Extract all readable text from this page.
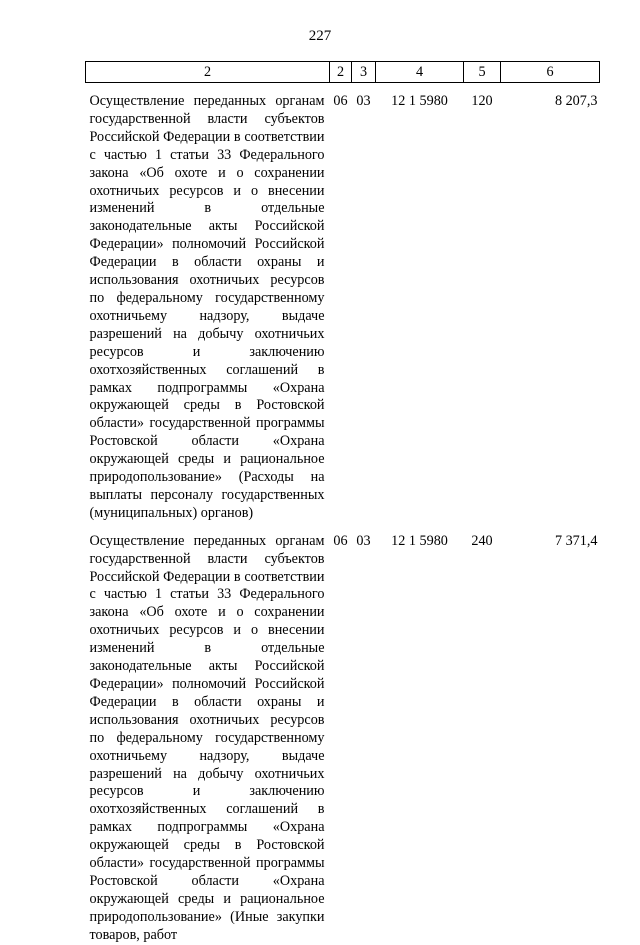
227
2	2	3	4	5	6

Осуществление переданных органам государственной власти субъектов Российской Федерации в соответствии с частью 1 статьи 33 Федерального закона «Об охоте и о сохранении охотничьих ресурсов и о внесении изменений в отдельные законодательные акты Российской Федерации» полномочий Российской Федерации в области охраны и использования охотничьих ресурсов по федеральному государственному охотничьему надзору, выдаче разрешений на добычу охотничьих ресурсов и заключению охотхозяйственных соглашений в рамках подпрограммы «Охрана окружающей среды в Ростовской области» государственной программы Ростовской области «Охрана окружающей среды и рациональное природопользование» (Расходы на выплаты персоналу государственных (муниципальных) органов)	06	03	12 1 5980	120	8 207,3

Осуществление переданных органам государственной власти субъектов Российской Федерации в соответствии с частью 1 статьи 33 Федерального закона «Об охоте и о сохранении охотничьих ресурсов и о внесении изменений в отдельные законодательные акты Российской Федерации» полномочий Российской Федерации в области охраны и использования охотничьих ресурсов по федеральному государственному охотничьему надзору, выдаче разрешений на добычу охотничьих ресурсов и заключению охотхозяйственных соглашений в рамках подпрограммы «Охрана окружающей среды в Ростовской области» государственной программы Ростовской области «Охрана окружающей среды и рациональное природопользование» (Иные закупки товаров, работ	06	03	12 1 5980	240	7 371,4
